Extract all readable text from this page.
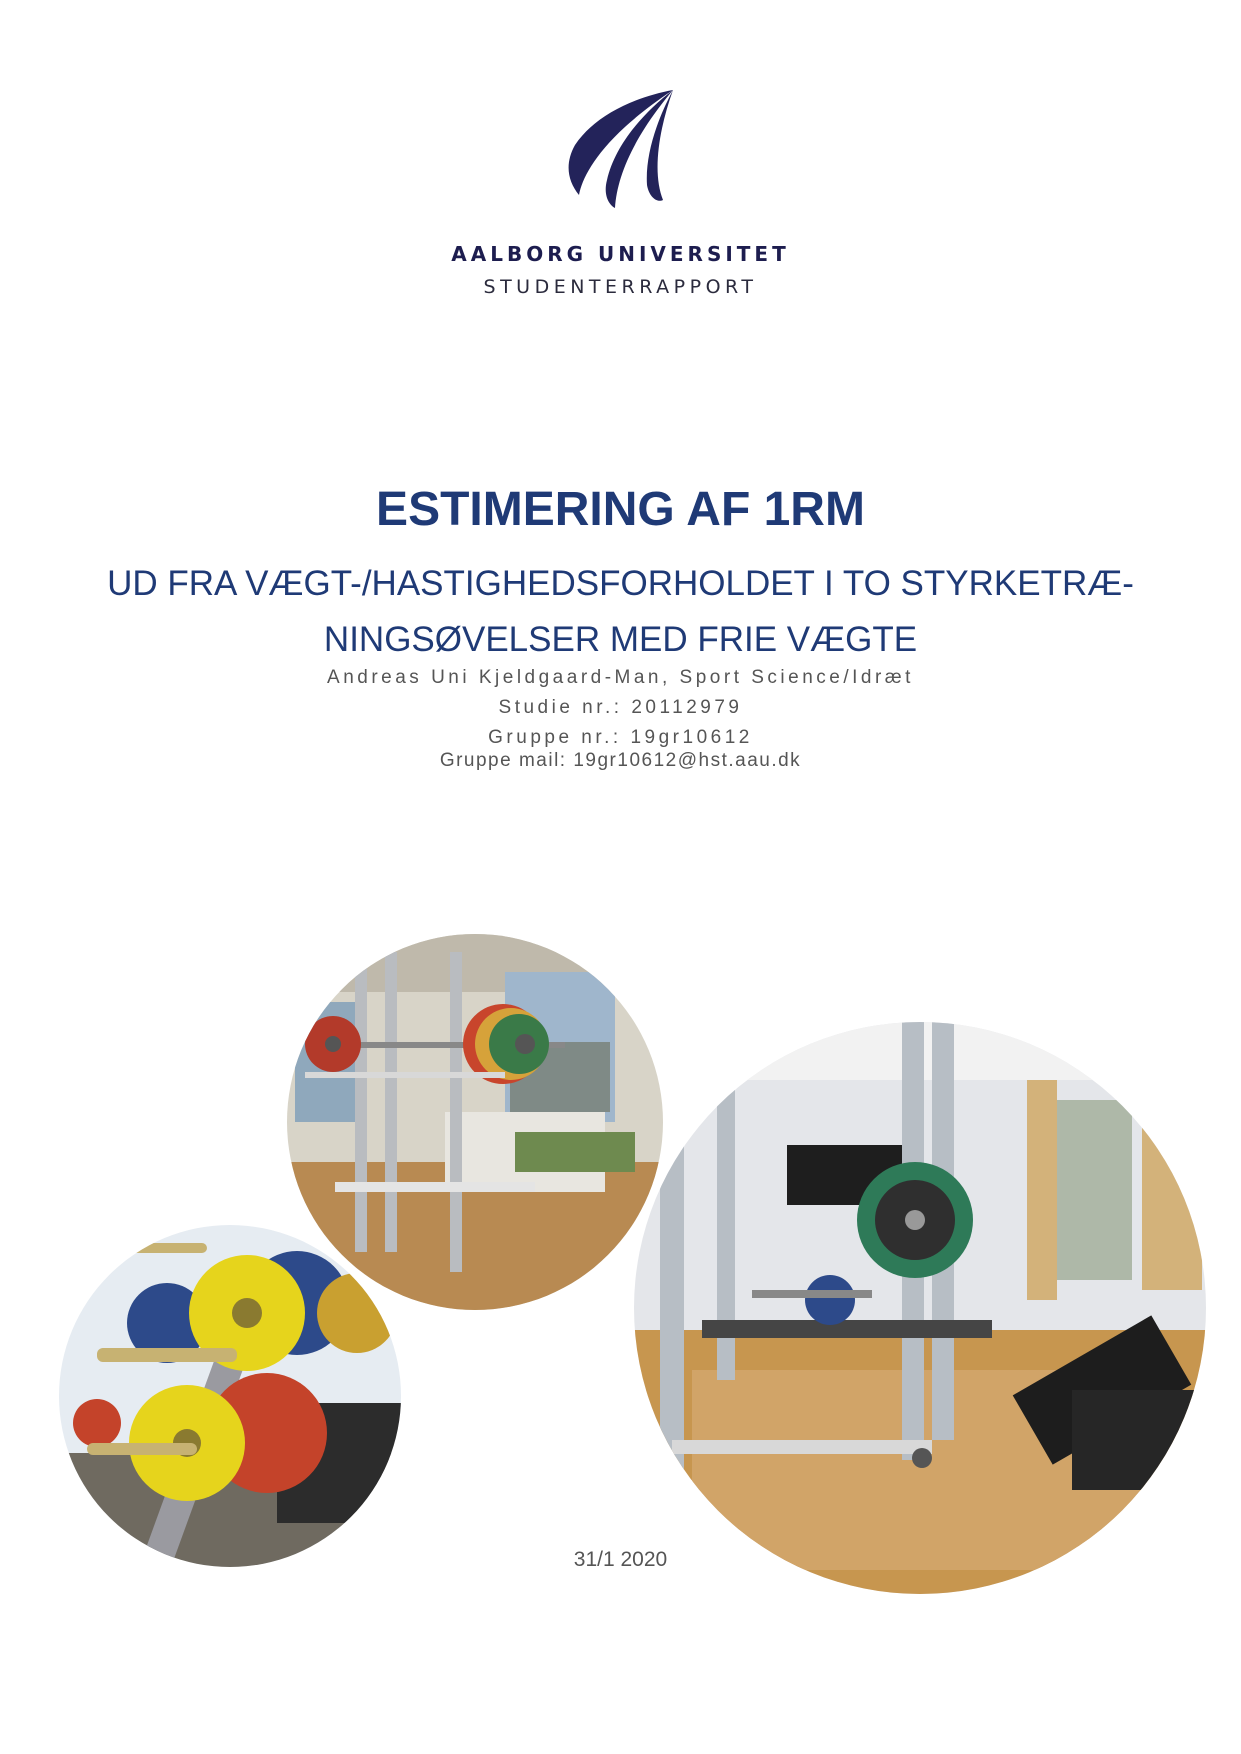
AALBORG UNIVERSITET
STUDENTERRAPPORT
ESTIMERING AF 1RM
UD FRA VÆGT-/HASTIGHEDSFORHOLDET I TO STYRKETRÆ-
NINGSØVELSER MED FRIE VÆGTE
Andreas Uni Kjeldgaard-Man, Sport Science/Idræt
Studie nr.: 20112979
Gruppe nr.: 19gr10612
Gruppe mail: 19gr10612@hst.aau.dk
31/1 2020
